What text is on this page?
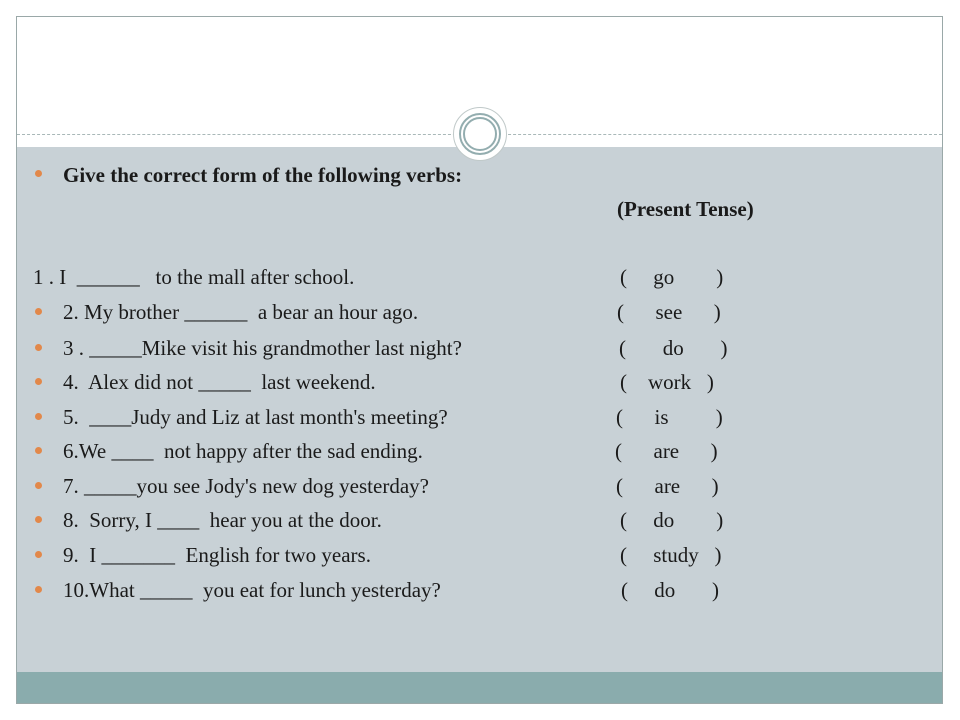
Give the correct form of the following verbs:
(Present Tense)
1 . I  ______   to the mall after school.	(     go        )
2. My brother ______  a bear an hour ago.	(      see      )
3 . _____Mike visit his grandmother last night?	(       do       )
4.  Alex did not _____  last weekend.	(    work   )
5.  ____Judy and Liz at last month's meeting?	(      is         )
6.We ____  not happy after the sad ending.	(      are      )
7. _____you see Jody's new dog yesterday?	(      are      )
8.  Sorry, I ____  hear you at the door.	(     do        )
9.  I _______  English for two years.	(     study   )
10.What _____  you eat for lunch yesterday?	(     do       )
